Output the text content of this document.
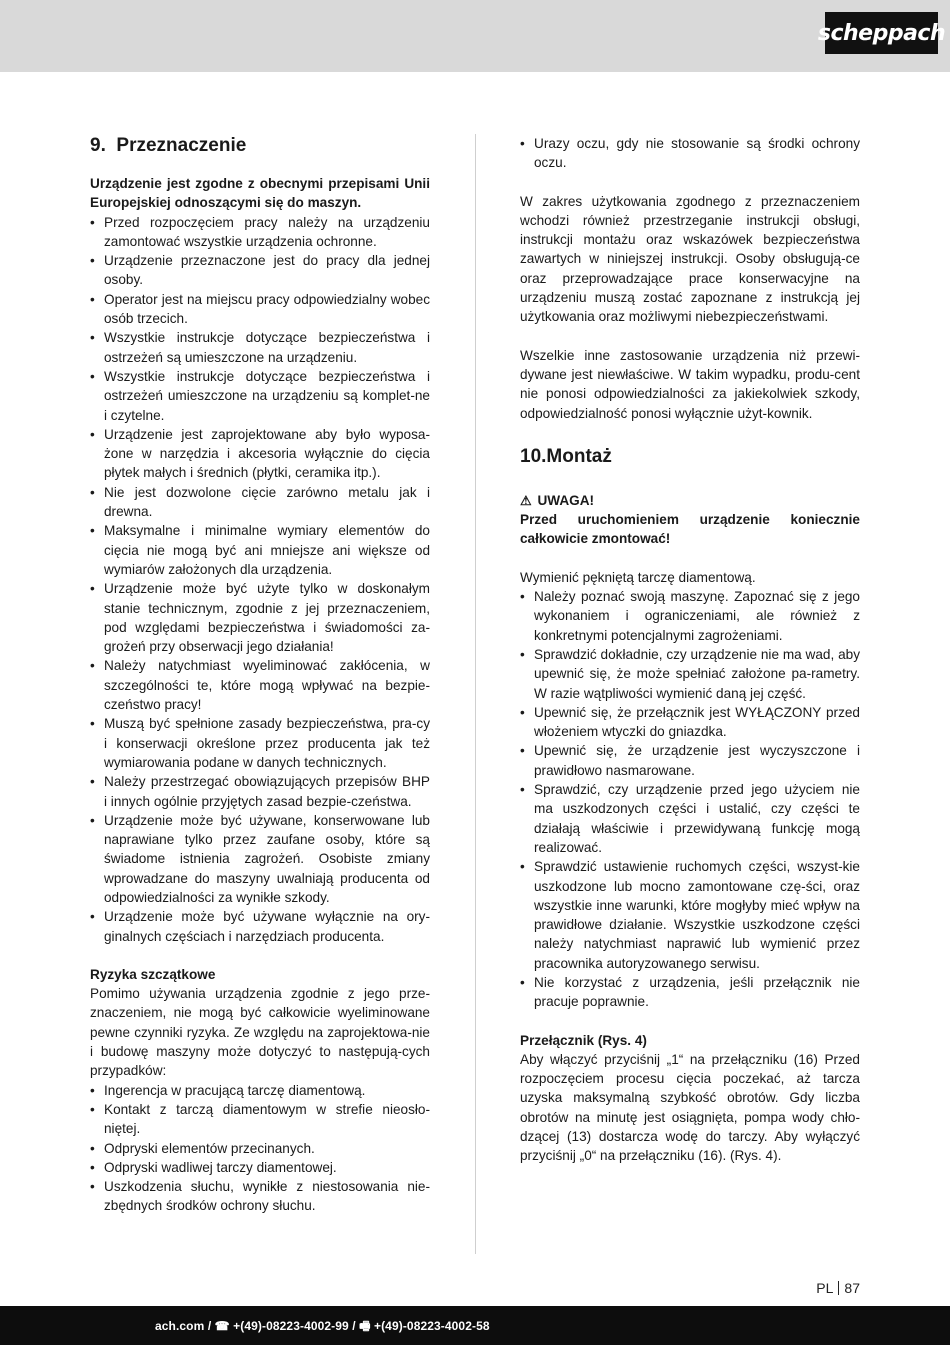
scheppach
9. Przeznaczenie

Urządzenie jest zgodne z obecnymi przepisami Unii Europejskiej odnoszącymi się do maszyn.

• Przed rozpoczęciem pracy należy na urządzeniu zamontować wszystkie urządzenia ochronne.
• Urządzenie przeznaczone jest do pracy dla jednej osoby.
• Operator jest na miejscu pracy odpowiedzialny wobec osób trzecich.
• Wszystkie instrukcje dotyczące bezpieczeństwa i ostrzeżeń są umieszczone na urządzeniu.
• Wszystkie instrukcje dotyczące bezpieczeństwa i ostrzeżeń umieszczone na urządzeniu są komplet-ne i czytelne.
• Urządzenie jest zaprojektowane aby było wyposa-żone w narzędzia i akcesoria wyłącznie do cięcia płytek małych i średnich (płytki, ceramika itp.).
• Nie jest dozwolone cięcie zarówno metalu jak i drewna.
• Maksymalne i minimalne wymiary elementów do cięcia nie mogą być ani mniejsze ani większe od wymiarów założonych dla urządzenia.
• Urządzenie może być użyte tylko w doskonałym stanie technicznym, zgodnie z jej przeznaczeniem, pod względami bezpieczeństwa i świadomości za-grożeń przy obserwacji jego działania!
• Należy natychmiast wyeliminować zakłócenia, w szczególności te, które mogą wpływać na bezpie-czeństwo pracy!
• Muszą być spełnione zasady bezpieczeństwa, pra-cy i konserwacji określone przez producenta jak też wymiarowania podane w danych technicznych.
• Należy przestrzegać obowiązujących przepisów BHP i innych ogólnie przyjętych zasad bezpie-czeństwa.
• Urządzenie może być używane, konserwowane lub naprawiane tylko przez zaufane osoby, które są świadome istnienia zagrożeń. Osobiste zmiany wprowadzane do maszyny uwalniają producenta od odpowiedzialności za wynikłe szkody.
• Urządzenie może być używane wyłącznie na ory-ginalnych częściach i narzędziach producenta.

Ryzyka szczątkowe

Pomimo używania urządzenia zgodnie z jego prze-znaczeniem, nie mogą być całkowicie wyeliminowane pewne czynniki ryzyka. Ze względu na zaprojektowa-nie i budowę maszyny może dotyczyć to następują-cych przypadków:

• Ingerencja w pracującą tarczę diamentową.
• Kontakt z tarczą diamentowym w strefie nieosło-niętej.
• Odpryski elementów przecinanych.
• Odpryski wadliwej tarczy diamentowej.
• Uszkodzenia słuchu, wynikłe z niestosowania nie-zbędnych środków ochrony słuchu.
• Urazy oczu, gdy nie stosowanie są środki ochrony oczu.

W zakres użytkowania zgodnego z przeznaczeniem wchodzi również przestrzeganie instrukcji obsługi, instrukcji montażu oraz wskazówek bezpieczeństwa zawartych w niniejszej instrukcji. Osoby obsługują-ce oraz przeprowadzające prace konserwacyjne na urządzeniu muszą zostać zapoznane z instrukcją jej użytkowania oraz możliwymi niebezpieczeństwami.

Wszelkie inne zastosowanie urządzenia niż przewi-dywane jest niewłaściwe. W takim wypadku, produ-cent nie ponosi odpowiedzialności za jakiekolwiek szkody, odpowiedzialność ponosi wyłącznie użyt-kownik.

10.Montaż

⚠ UWAGA!

Przed uruchomieniem urządzenie koniecznie całkowicie zmontować!

Wymienić pękniętą tarczę diamentową.

• Należy poznać swoją maszynę. Zapoznać się z jego wykonaniem i ograniczeniami, ale również z konkretnymi potencjalnymi zagrożeniami.
• Sprawdzić dokładnie, czy urządzenie nie ma wad, aby upewnić się, że może spełniać założone pa-rametry. W razie wątpliwości wymienić daną jej część.
• Upewnić się, że przełącznik jest WYŁĄCZONY przed włożeniem wtyczki do gniazdka.
• Upewnić się, że urządzenie jest wyczyszczone i prawidłowo nasmarowane.
• Sprawdzić, czy urządzenie przed jego użyciem nie ma uszkodzonych części i ustalić, czy części te działają właściwie i przewidywaną funkcję mogą realizować.
• Sprawdzić ustawienie ruchomych części, wszyst-kie uszkodzone lub mocno zamontowane czę-ści, oraz wszystkie inne warunki, które mogłyby mieć wpływ na prawidłowe działanie. Wszystkie uszkodzone części należy natychmiast naprawić lub wymienić przez pracownika autoryzowanego serwisu.
• Nie korzystać z urządzenia, jeśli przełącznik nie pracuje poprawnie.

Przełącznik (Rys. 4)

Aby włączyć przyciśnij „1“ na przełączniku (16) Przed rozpoczęciem procesu cięcia poczekać, aż tarcza uzyska maksymalną szybkość obrotów. Gdy liczba obrotów na minutę jest osiągnięta, pompa wody chło-dzącej (13) dostarcza wodę do tarczy. Aby wyłączyć przyciśnij „0“ na przełączniku (16). (Rys. 4).

PL 87
ach.com / ☎ +(49)-08223-4002-99 / 🖷 +(49)-08223-4002-58
